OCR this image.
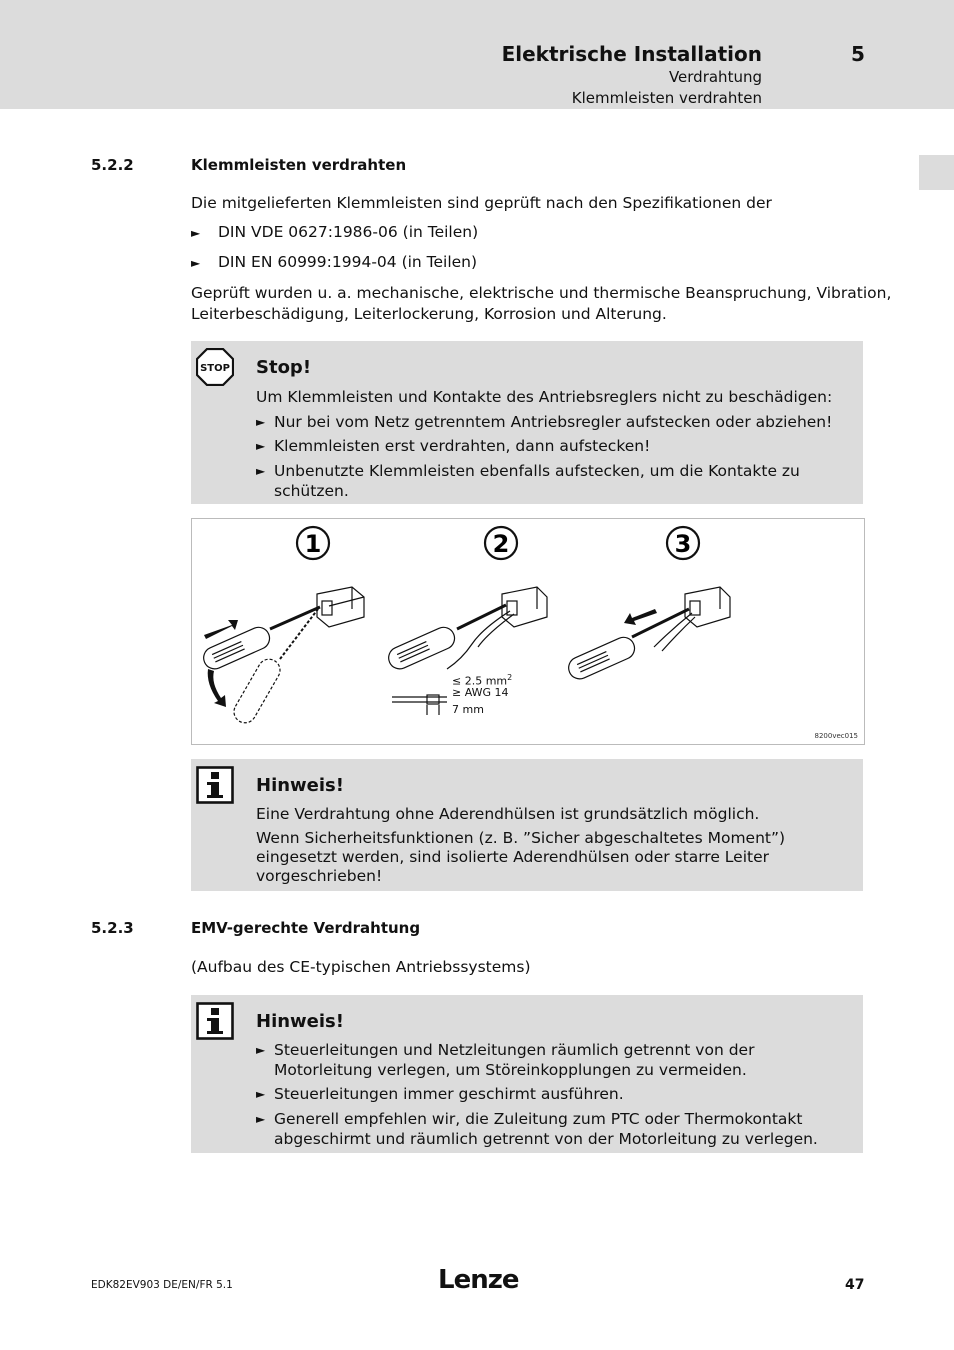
Elektrische Installation	5
Verdrahtung
Klemmleisten verdrahten
5.2.2	Klemmleisten verdrahten
Die mitgelieferten Klemmleisten sind geprüft nach den Spezifikationen der
► DIN VDE 0627:1986-06 (in Teilen)
► DIN EN 60999:1994-04 (in Teilen)
Geprüft wurden u. a. mechanische, elektrische und thermische Beanspruchung, Vibration,
Leiterbeschädigung, Leiterlockerung, Korrosion und Alterung.
STOP Stop!
Um Klemmleisten und Kontakte des Antriebsreglers nicht zu beschädigen:
► Nur bei vom Netz getrenntem Antriebsregler aufstecken oder abziehen!
► Klemmleisten erst verdrahten, dann aufstecken!
► Unbenutzte Klemmleisten ebenfalls aufstecken, um die Kontakte zu schützen.
1	2	3
≤ 2.5 $mm^2$
≥ AWG 14
7 mm
8200vec015
Hinweis!
Eine Verdrahtung ohne Aderendhülsen ist grundsätzlich möglich.
Wenn Sicherheitsfunktionen (z. B. ”Sicher abgeschaltetes Moment”)
eingesetzt werden, sind isolierte Aderendhülsen oder starre Leiter
vorgeschrieben!
5.2.3	EMV-gerechte Verdrahtung
(Aufbau des CE-typischen Antriebssystems)
Hinweis!
► Steuerleitungen und Netzleitungen räumlich getrennt von der Motorleitung verlegen, um Störeinkopplungen zu vermeiden.
► Steuerleitungen immer geschirmt ausführen.
► Generell empfehlen wir, die Zuleitung zum PTC oder Thermokontakt abgeschirmt und räumlich getrennt von der Motorleitung zu verlegen.
EDK82EV903 DE/EN/FR 5.1	Lenze	47
